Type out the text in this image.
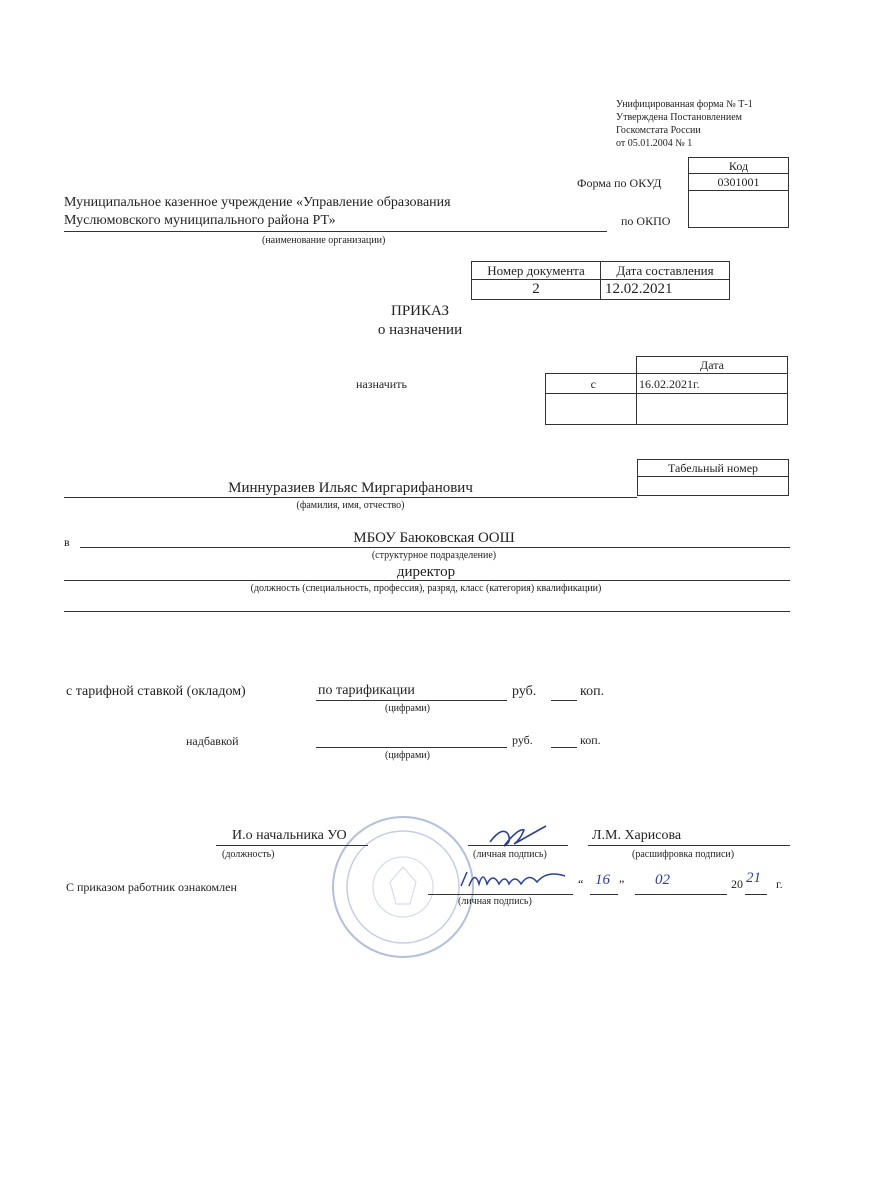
Унифицированная форма № Т-1
Утверждена Постановлением
Госкомстата России
от 05.01.2004 № 1
Код
0301001
Форма по ОКУД
по ОКПО
Муниципальное казенное учреждение «Управление образования
Муслюмовского муниципального района РТ»
(наименование организации)
Номер документа	Дата составления
2	12.02.2021
ПРИКАЗ
о назначении
назначить
Дата
с	16.02.2021г.
Табельный номер
Миннyразиев Ильяс Миргарифанович
(фамилия, имя, отчество)
в	МБОУ Баюковская ООШ
(структурное подразделение)
директор
(должность (специальность, профессия), разряд, класс (категория) квалификации)
с тарифной ставкой (окладом)	по тарификации	руб.	коп.
(цифрами)
надбавкой	руб.	коп.
(цифрами)
И.о начальника УО
(должность)	(личная подпись)
Л.М. Харисова
(расшифровка подписи)
С приказом работник ознакомлен
(личная подпись)
“ 16 ” 02	20 21 г.
